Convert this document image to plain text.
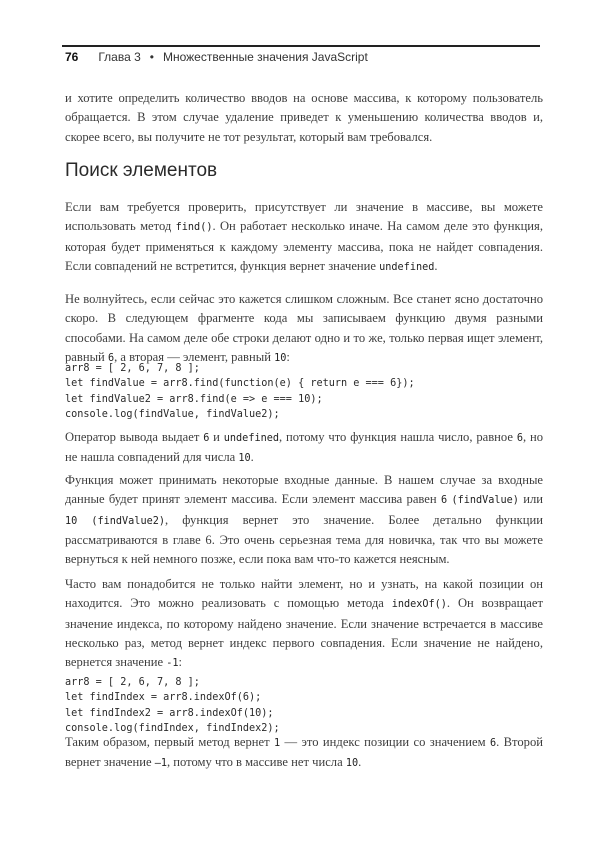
76 Глава 3 • Множественные значения JavaScript

и хотите определить количество вводов на основе массива, к которому пользователь обращается. В этом случае удаление приведет к уменьшению количества вводов и, скорее всего, вы получите не тот результат, который вам требовался.

Поиск элементов

Если вам требуется проверить, присутствует ли значение в массиве, вы можете использовать метод find(). Он работает несколько иначе. На самом деле это функция, которая будет применяться к каждому элементу массива, пока не найдет совпадения. Если совпадений не встретится, функция вернет значение undefined.

Не волнуйтесь, если сейчас это кажется слишком сложным. Все станет ясно достаточно скоро. В следующем фрагменте кода мы записываем функцию двумя разными способами. На самом деле обе строки делают одно и то же, только первая ищет элемент, равный 6, а вторая — элемент, равный 10:

arr8 = [ 2, 6, 7, 8 ];
let findValue = arr8.find(function(e) { return e === 6});
let findValue2 = arr8.find(e => e === 10);
console.log(findValue, findValue2);

Оператор вывода выдает 6 и undefined, потому что функция нашла число, равное 6, но не нашла совпадений для числа 10.

Функция может принимать некоторые входные данные. В нашем случае за входные данные будет принят элемент массива. Если элемент массива равен 6 (findValue) или 10 (findValue2), функция вернет это значение. Более детально функции рассматриваются в главе 6. Это очень серьезная тема для новичка, так что вы можете вернуться к ней немного позже, если пока вам что-то кажется неясным.

Часто вам понадобится не только найти элемент, но и узнать, на какой позиции он находится. Это можно реализовать с помощью метода indexOf(). Он возвращает значение индекса, по которому найдено значение. Если значение встречается в массиве несколько раз, метод вернет индекс первого совпадения. Если значение не найдено, вернется значение -1:

arr8 = [ 2, 6, 7, 8 ];
let findIndex = arr8.indexOf(6);
let findIndex2 = arr8.indexOf(10);
console.log(findIndex, findIndex2);

Таким образом, первый метод вернет 1 — это индекс позиции со значением 6. Второй вернет значение –1, потому что в массиве нет числа 10.
